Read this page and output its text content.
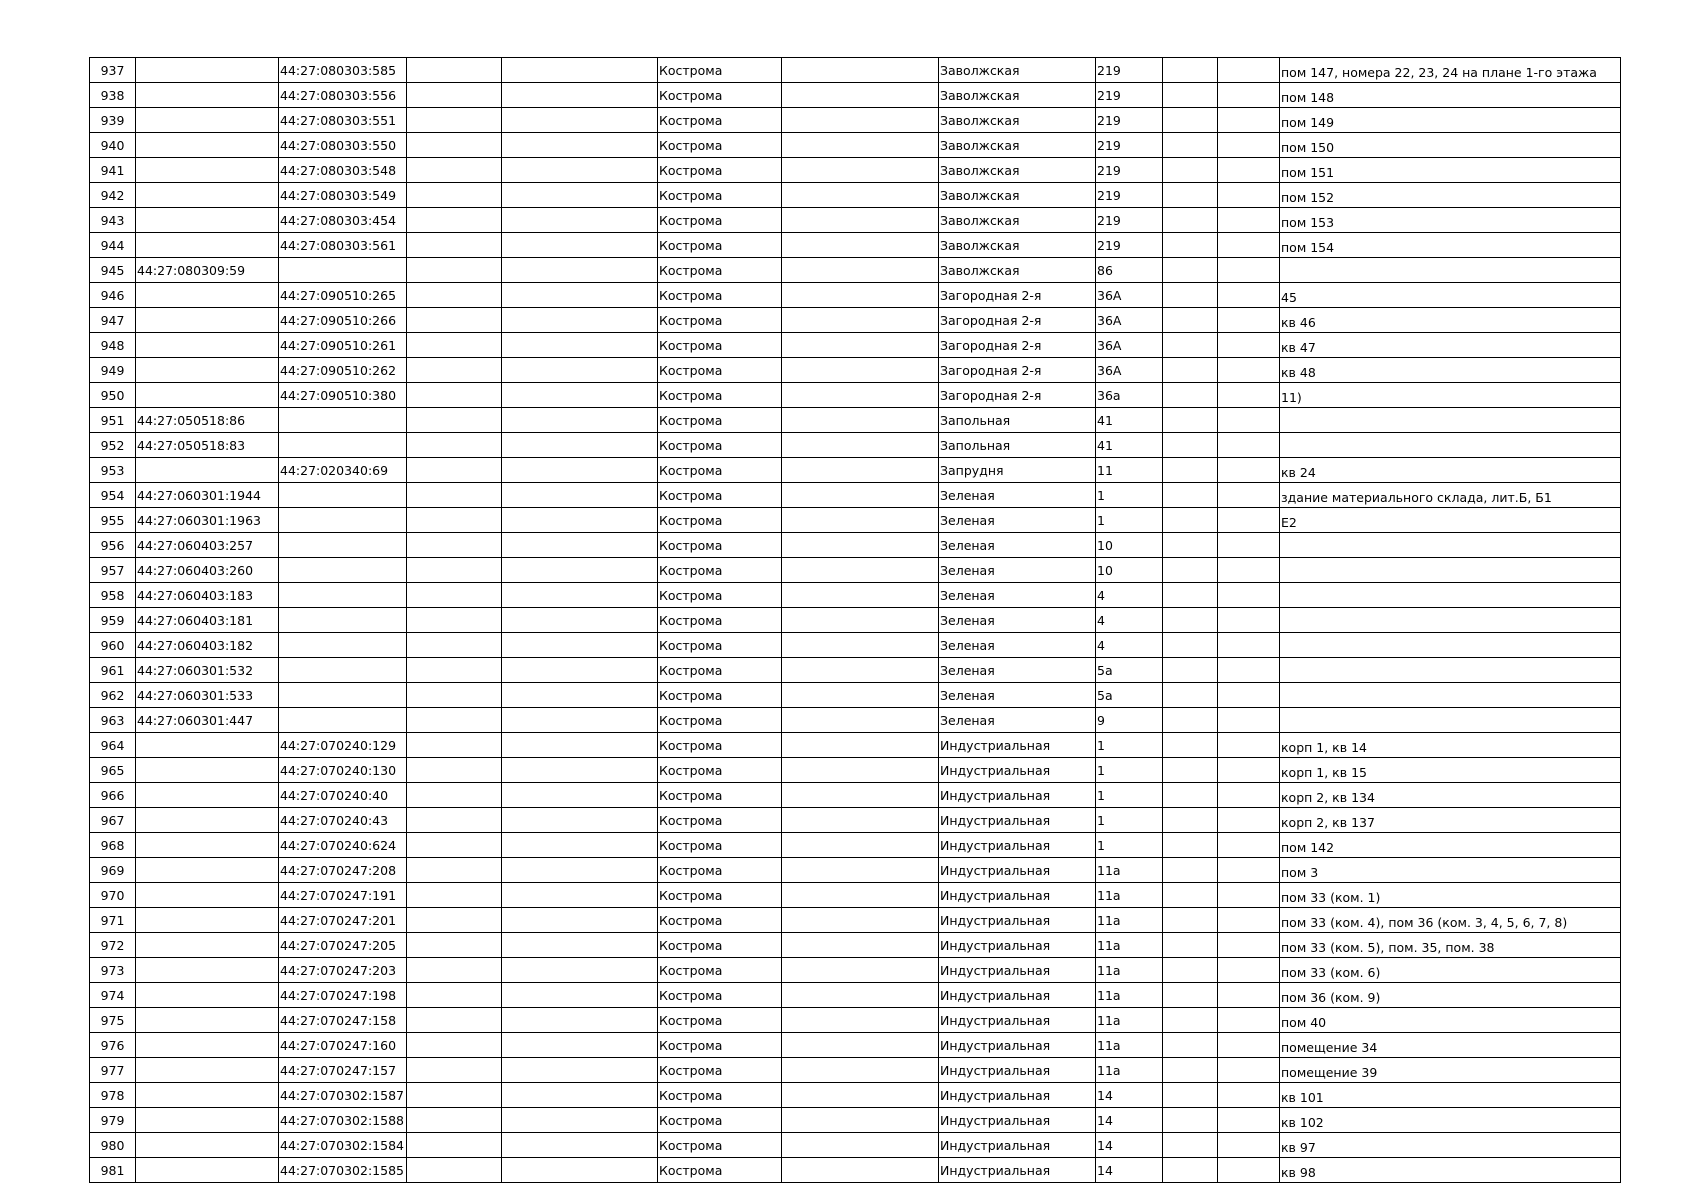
937		44:27:080303:585			Кострома		Заволжская	219			пом 147, номера 22, 23, 24 на плане 1-го этажа
938		44:27:080303:556			Кострома		Заволжская	219			пом 148
939		44:27:080303:551			Кострома		Заволжская	219			пом 149
940		44:27:080303:550			Кострома		Заволжская	219			пом 150
941		44:27:080303:548			Кострома		Заволжская	219			пом 151
942		44:27:080303:549			Кострома		Заволжская	219			пом 152
943		44:27:080303:454			Кострома		Заволжская	219			пом 153
944		44:27:080303:561			Кострома		Заволжская	219			пом 154
945	44:27:080309:59				Кострома		Заволжская	86			
946		44:27:090510:265			Кострома		Загородная 2-я	36А			45
947		44:27:090510:266			Кострома		Загородная 2-я	36А			кв 46
948		44:27:090510:261			Кострома		Загородная 2-я	36А			кв 47
949		44:27:090510:262			Кострома		Загородная 2-я	36А			кв 48
950		44:27:090510:380			Кострома		Загородная 2-я	36а			11)
951	44:27:050518:86				Кострома		Запольная	41			
952	44:27:050518:83				Кострома		Запольная	41			
953		44:27:020340:69			Кострома		Запрудня	11			кв 24
954	44:27:060301:1944				Кострома		Зеленая	1			здание материального склада, лит.Б, Б1
955	44:27:060301:1963				Кострома		Зеленая	1			Е2
956	44:27:060403:257				Кострома		Зеленая	10			
957	44:27:060403:260				Кострома		Зеленая	10			
958	44:27:060403:183				Кострома		Зеленая	4			
959	44:27:060403:181				Кострома		Зеленая	4			
960	44:27:060403:182				Кострома		Зеленая	4			
961	44:27:060301:532				Кострома		Зеленая	5а			
962	44:27:060301:533				Кострома		Зеленая	5а			
963	44:27:060301:447				Кострома		Зеленая	9			
964		44:27:070240:129			Кострома		Индустриальная	1			корп 1, кв 14
965		44:27:070240:130			Кострома		Индустриальная	1			корп 1, кв 15
966		44:27:070240:40			Кострома		Индустриальная	1			корп 2, кв 134
967		44:27:070240:43			Кострома		Индустриальная	1			корп 2, кв 137
968		44:27:070240:624			Кострома		Индустриальная	1			пом 142
969		44:27:070247:208			Кострома		Индустриальная	11а			пом 3
970		44:27:070247:191			Кострома		Индустриальная	11а			пом 33 (ком. 1)
971		44:27:070247:201			Кострома		Индустриальная	11а			пом 33 (ком. 4), пом 36 (ком. 3, 4, 5, 6, 7, 8)
972		44:27:070247:205			Кострома		Индустриальная	11а			пом 33 (ком. 5), пом. 35, пом. 38
973		44:27:070247:203			Кострома		Индустриальная	11а			пом 33 (ком. 6)
974		44:27:070247:198			Кострома		Индустриальная	11а			пом 36 (ком. 9)
975		44:27:070247:158			Кострома		Индустриальная	11а			пом 40
976		44:27:070247:160			Кострома		Индустриальная	11а			помещение 34
977		44:27:070247:157			Кострома		Индустриальная	11а			помещение 39
978		44:27:070302:1587			Кострома		Индустриальная	14			кв 101
979		44:27:070302:1588			Кострома		Индустриальная	14			кв 102
980		44:27:070302:1584			Кострома		Индустриальная	14			кв 97
981		44:27:070302:1585			Кострома		Индустриальная	14			кв 98
